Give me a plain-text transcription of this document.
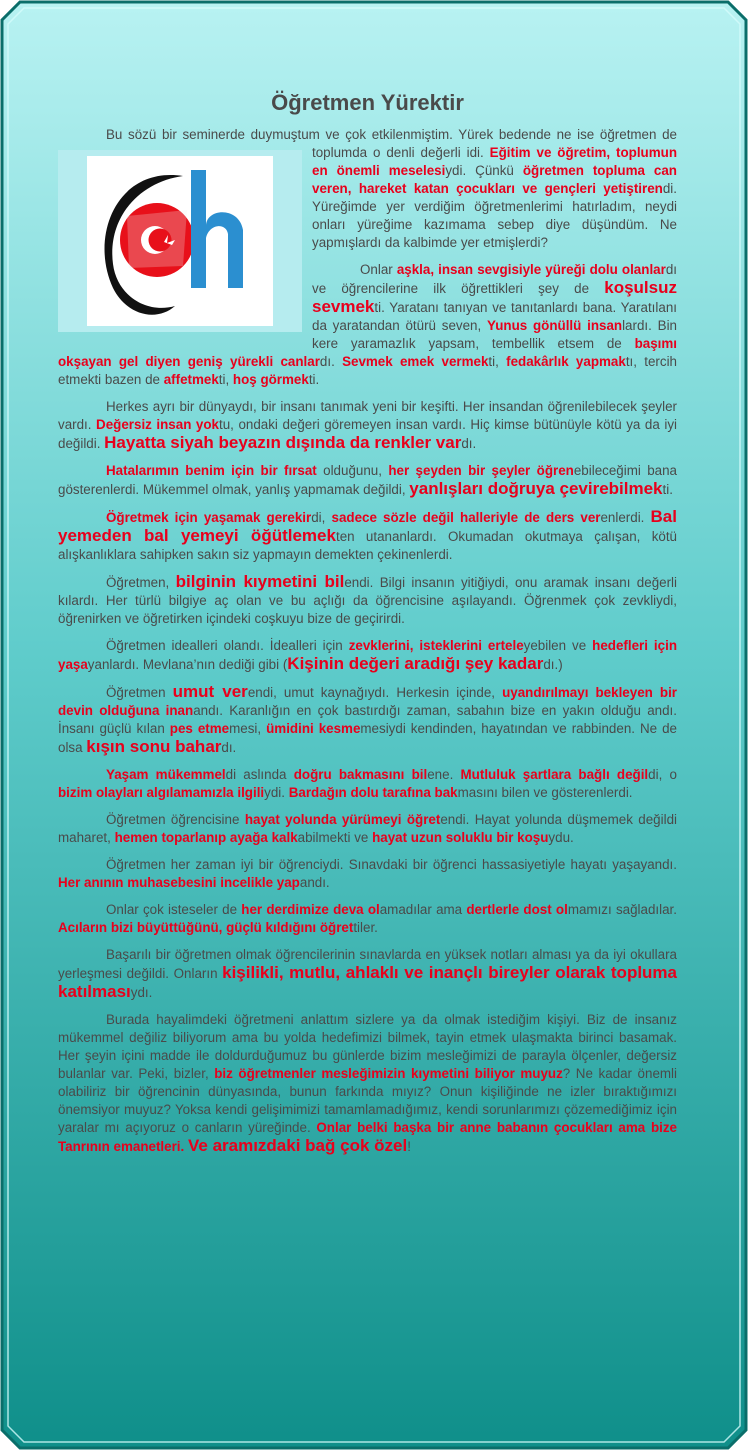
Öğretmen Yürektir

Bu sözü bir seminerde duymuştum ve çok etkilenmiştim. Yürek bedende ne ise öğretmen de toplumda o denli değerli idi.
Eğitim ve öğretim, toplumun en önemli meselesiydi. Çünkü öğretmen topluma can veren, hareket katan çocukları ve gençleri yetiştirendi. Yüreğimde yer verdiğim öğretmenlerimi hatırladım, neydi onları yüreğime kazımama sebep diye düşündüm. Ne yapmışlardı da kalbimde yer etmişlerdi?

Onlar aşkla, insan sevgisiyle yüreği dolu olanlardı ve öğrencilerine ilk öğrettikleri şey de koşulsuz sevmekti. Yaratanı tanıyan ve tanıtanlardı bana. Yaratılanı da yaratandan ötürü seven, Yunus gönüllü insanlardı. Bin kere yaramazlık yapsam, tembellik etsem de başımı okşayan gel diyen geniş yürekli canlardı. Sevmek emek vermekti, fedakârlık yapmaktı, tercih etmekti bazen de affetmekti, hoş görmekti.

Herkes ayrı bir dünyaydı, bir insanı tanımak yeni bir keşifti. Her insandan öğrenilebilecek şeyler vardı. Değersiz insan yoktu, ondaki değeri göremeyen insan vardı. Hiç kimse bütünüyle kötü ya da iyi değildi. Hayatta siyah beyazın dışında da renkler vardı.

Hatalarımın benim için bir fırsat olduğunu, her şeyden bir şeyler öğrenebileceğimi bana gösterenlerdi. Mükemmel olmak, yanlış yapmamak değildi, yanlışları doğruya çevirebilmekti.

Öğretmek için yaşamak gerekirdi, sadece sözle değil halleriyle de ders verenlerdi. Bal yemeden bal yemeyi öğütlemekten utananlardı. Okumadan okutmaya çalışan, kötü alışkanlıklara sahipken sakın siz yapmayın demekten çekinenlerdi.

Öğretmen, bilginin kıymetini bilendi. Bilgi insanın yitiğiydi, onu aramak insanı değerli kılardı. Her türlü bilgiye aç olan ve bu açlığı da öğrencisine aşılayandı. Öğrenmek çok zevkliydi, öğrenirken ve öğretirken içindeki coşkuyu bize de geçirirdi.

Öğretmen idealleri olandı. İdealleri için zevklerini, isteklerini erteleyebilen ve hedefleri için yaşayanlardı. Mevlana’nın dediği gibi (Kişinin değeri aradığı şey kadardı.)

Öğretmen umut verendi, umut kaynağıydı. Herkesin içinde, uyandırılmayı bekleyen bir devin olduğuna inanandı. Karanlığın en çok bastırdığı zaman, sabahın bize en yakın olduğu andı. İnsanı güçlü kılan pes etmemesi, ümidini kesmemesiydi kendinden, hayatından ve rabbinden. Ne de olsa kışın sonu bahardı.

Yaşam mükemmeldi aslında doğru bakmasını bilene. Mutluluk şartlara bağlı değildi, o bizim olayları algılamamızla ilgiliydi. Bardağın dolu tarafına bakmasını bilen ve gösterenlerdi.

Öğretmen öğrencisine hayat yolunda yürümeyi öğretendi. Hayat yolunda düşmemek değildi maharet, hemen toparlanıp ayağa kalkabilmekti ve hayat uzun soluklu bir koşuydu.

Öğretmen her zaman iyi bir öğrenciydi. Sınavdaki bir öğrenci hassasiyetiyle hayatı yaşayandı. Her anının muhasebesini incelikle yapandı.

Onlar çok isteseler de her derdimize deva olamadılar ama dertlerle dost olmamızı sağladılar. Acıların bizi büyüttüğünü, güçlü kıldığını öğrettiler.

Başarılı bir öğretmen olmak öğrencilerinin sınavlarda en yüksek notları alması ya da iyi okullara yerleşmesi değildi. Onların kişilikli, mutlu, ahlaklı ve inançlı bireyler olarak topluma katılmasıydı.

Burada hayalimdeki öğretmeni anlattım sizlere ya da olmak istediğim kişiyi. Biz de insanız mükemmel değiliz biliyorum ama bu yolda hedefimizi bilmek, tayin etmek ulaşmakta birinci basamak. Her şeyin içini madde ile doldurduğumuz bu günlerde bizim mesleğimizi de parayla ölçenler, değersiz bulanlar var. Peki, bizler, biz öğretmenler mesleğimizin kıymetini biliyor muyuz? Ne kadar önemli olabiliriz bir öğrencinin dünyasında, bunun farkında mıyız? Onun kişiliğinde ne izler bıraktığımızı önemsiyor muyuz? Yoksa kendi gelişimimizi tamamlamadığımız, kendi sorunlarımızı çözemediğimiz için yaralar mı açıyoruz o canların yüreğinde. Onlar belki başka bir anne babanın çocukları ama bize Tanrının emanetleri. Ve aramızdaki bağ çok özel!
